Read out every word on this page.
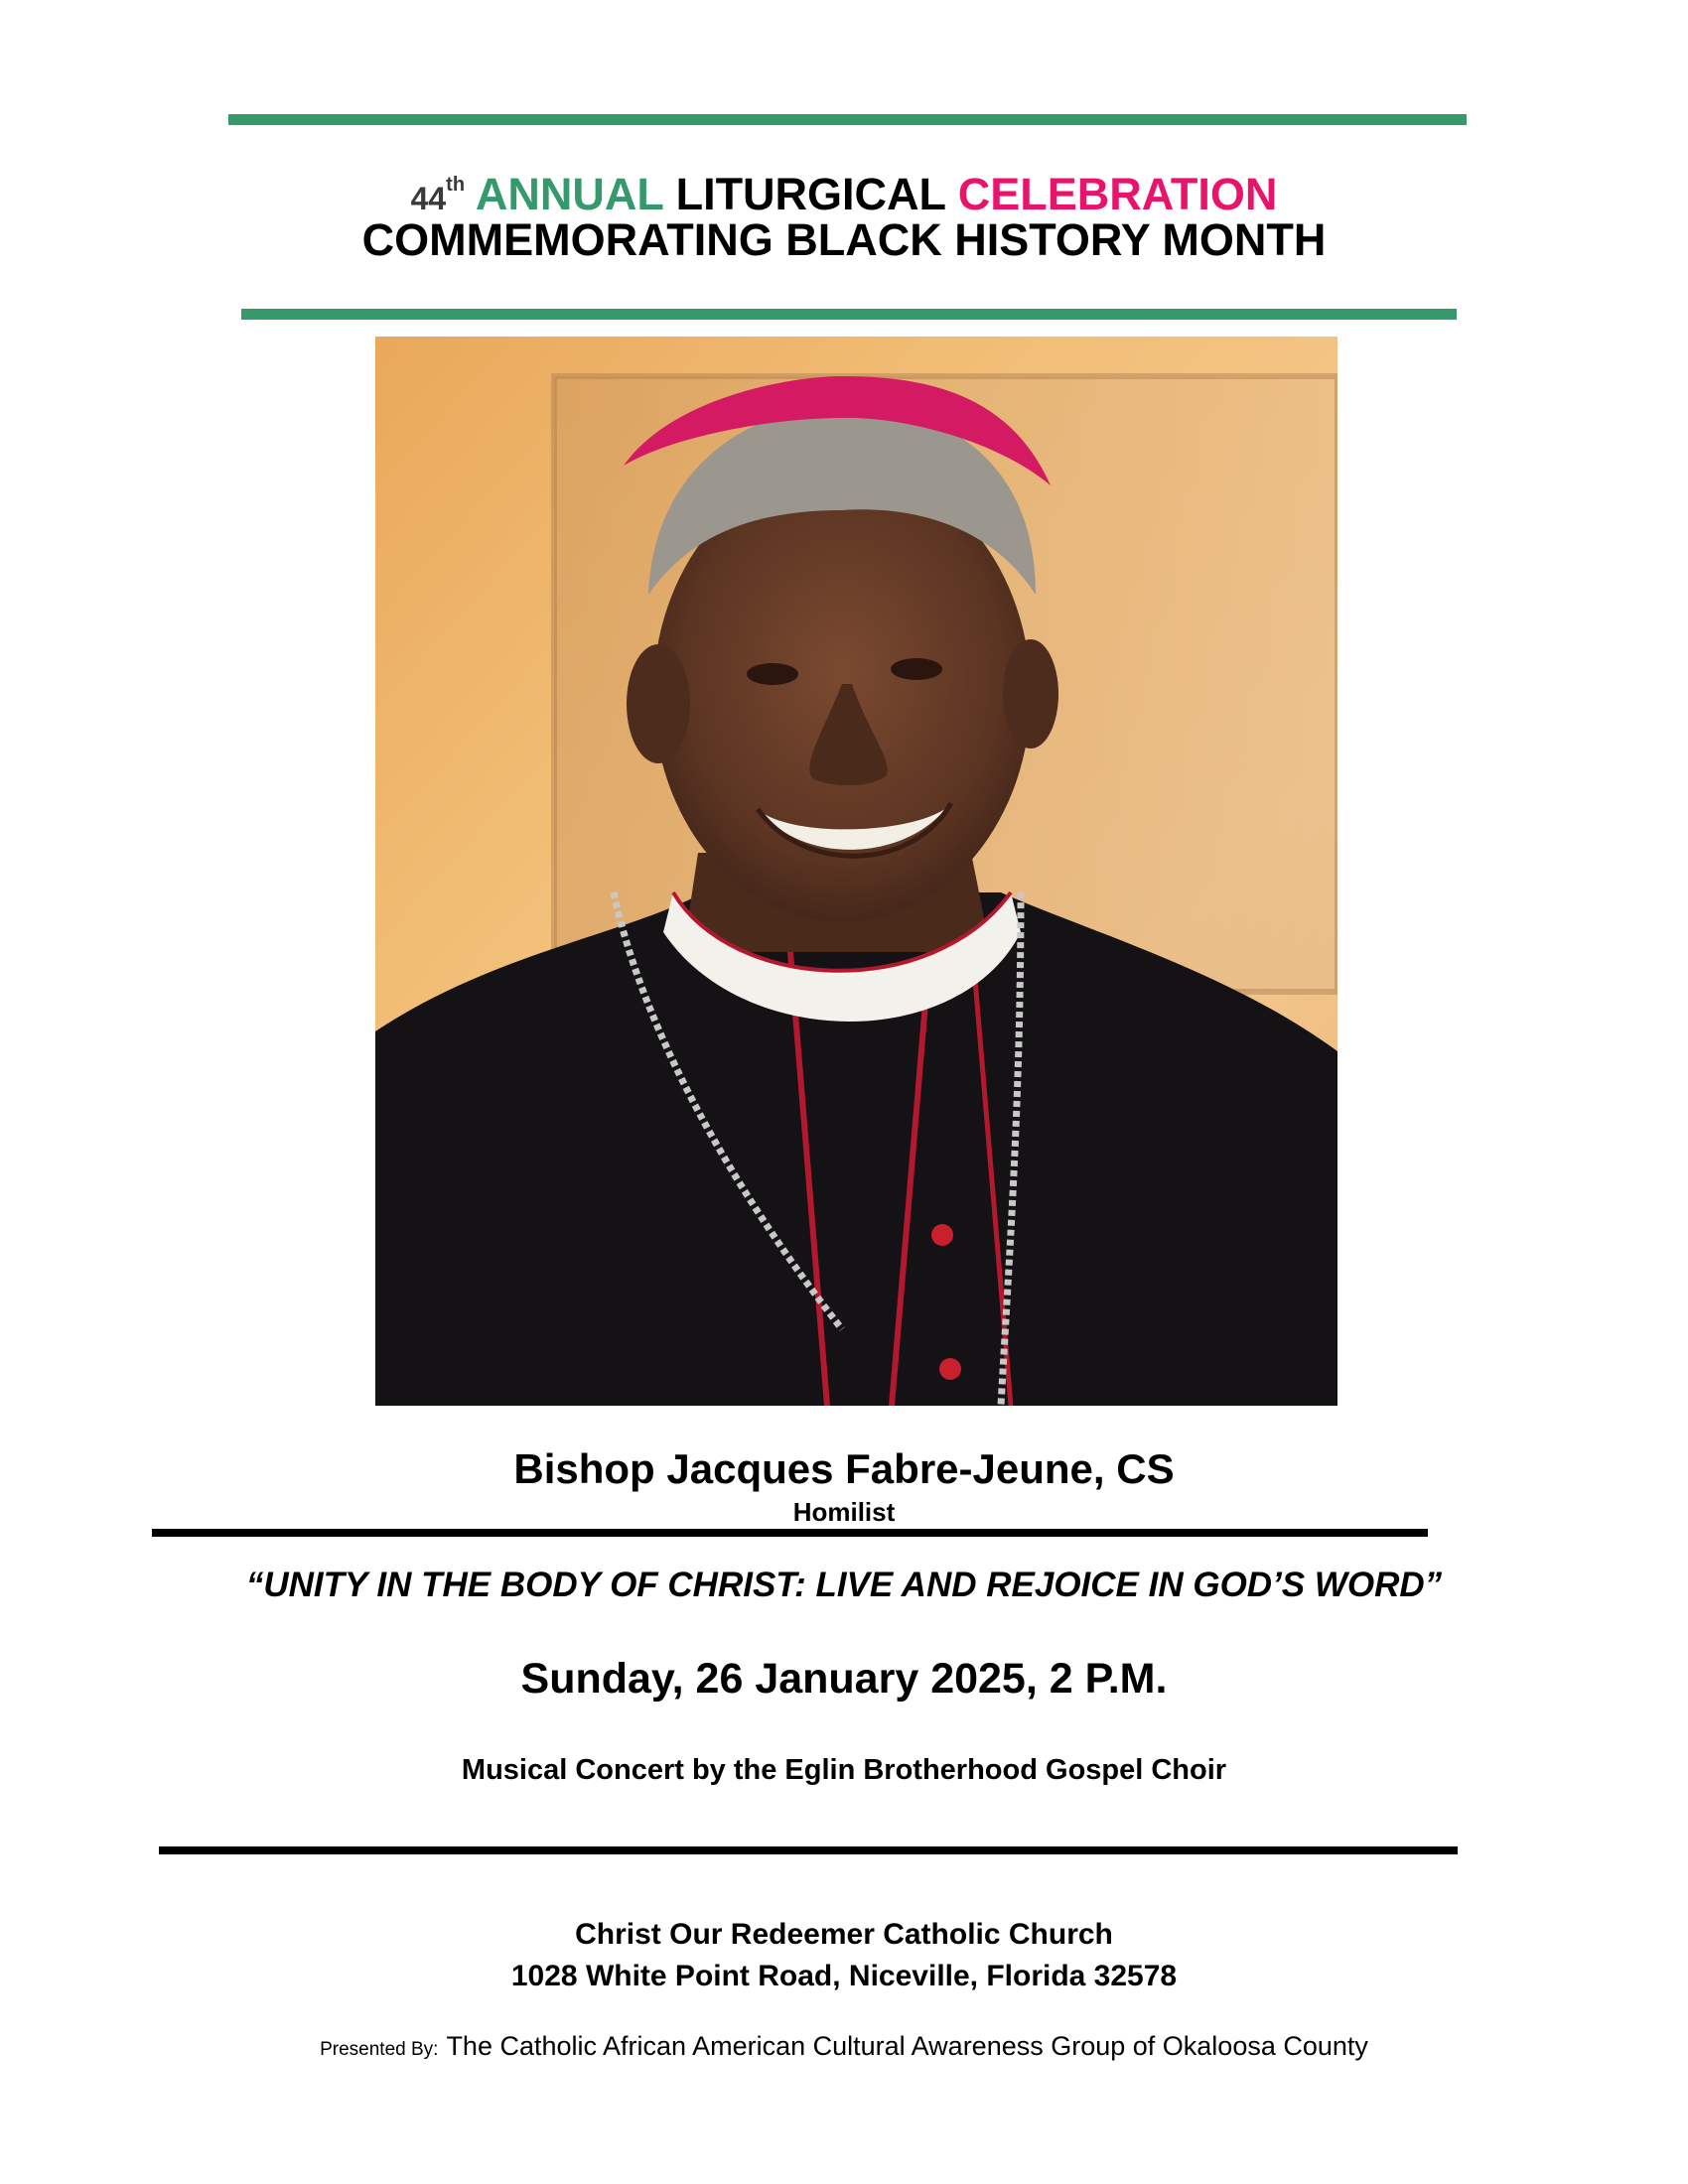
44th ANNUAL LITURGICAL CELEBRATION
COMMEMORATING BLACK HISTORY MONTH
Bishop Jacques Fabre-Jeune, CS
Homilist
“UNITY IN THE BODY OF CHRIST: LIVE AND REJOICE IN GOD’S WORD”
Sunday, 26 January 2025, 2 P.M.
Musical Concert by the Eglin Brotherhood Gospel Choir
Christ Our Redeemer Catholic Church
1028 White Point Road, Niceville, Florida 32578
Presented By: The Catholic African American Cultural Awareness Group of Okaloosa County
